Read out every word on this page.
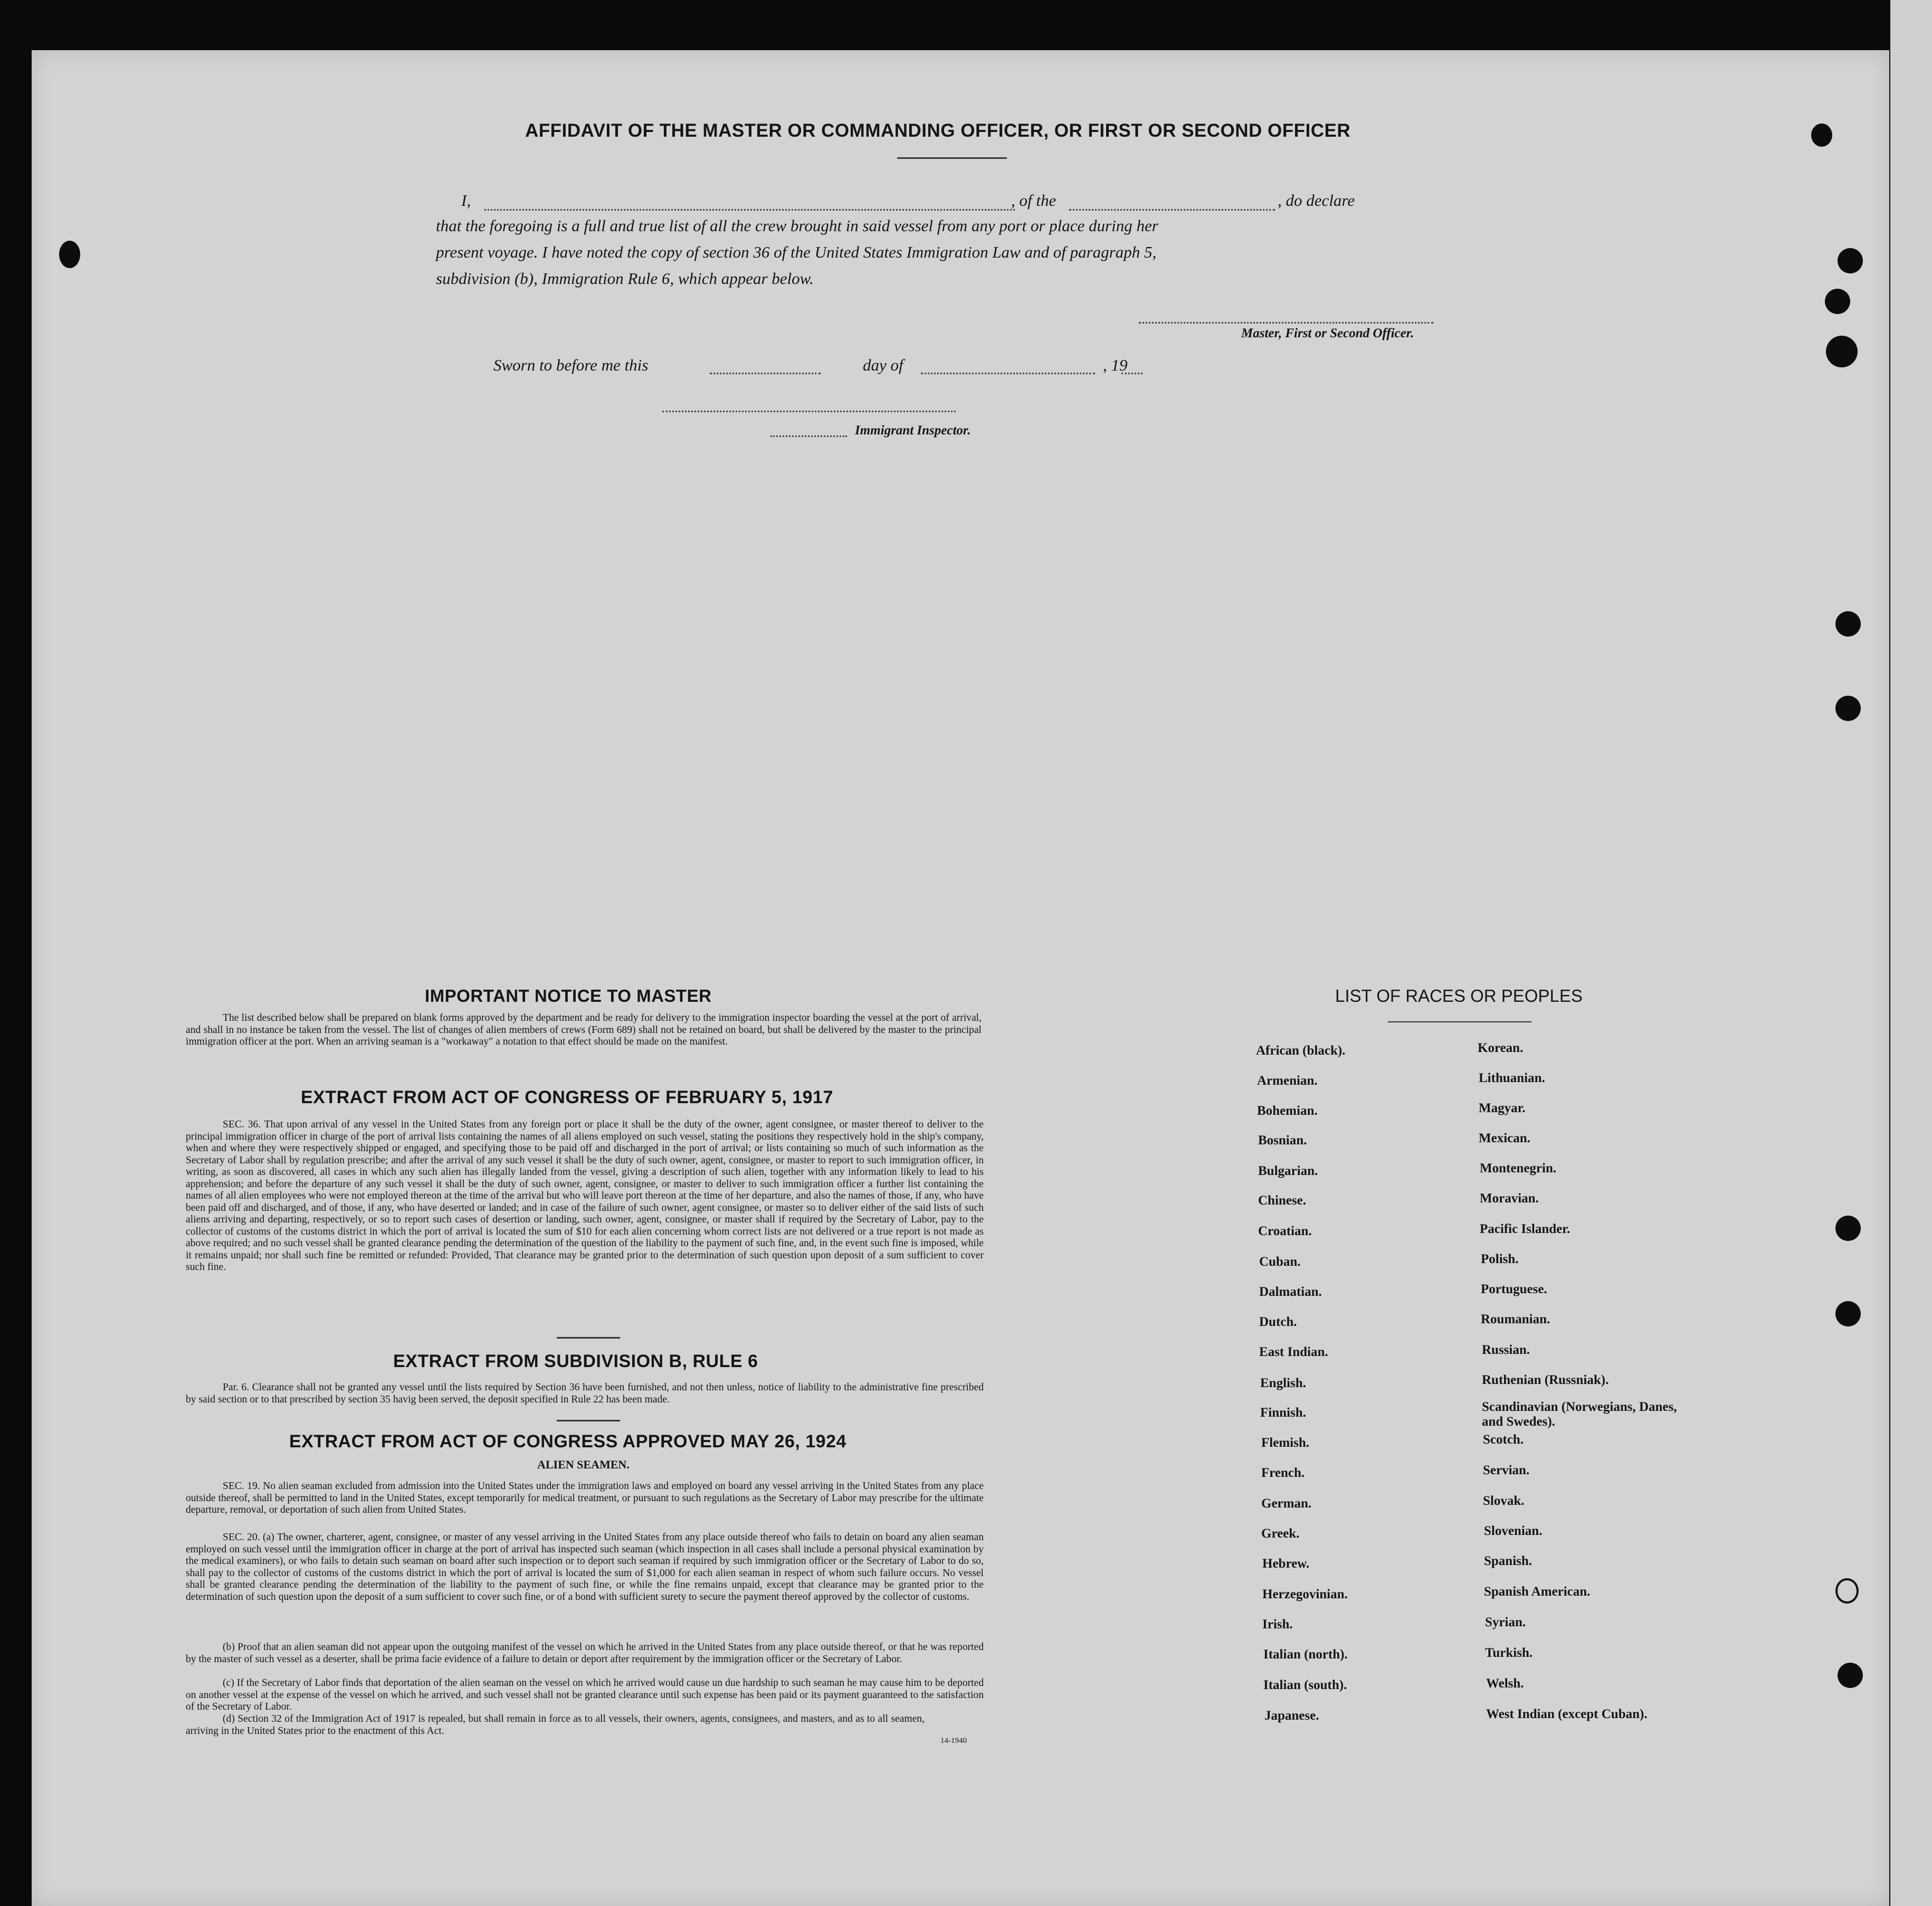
AFFIDAVIT OF THE MASTER OR COMMANDING OFFICER, OR FIRST OR SECOND OFFICER
I,	, of the	, do declare
that the foregoing is a full and true list of all the crew brought in said vessel from any port or place during her
present voyage. I have noted the copy of section 36 of the United States Immigration Law and of paragraph 5,
subdivision (b), Immigration Rule 6, which appear below.
Master, First or Second Officer.
Sworn to before me this	day of	, 19
Immigrant Inspector.
IMPORTANT NOTICE TO MASTER
The list described below shall be prepared on blank forms approved by the department and be ready for delivery to the immigration inspector boarding the vessel at the port of arrival, and shall in no instance be taken from the vessel. The list of changes of alien members of crews (Form 689) shall not be retained on board, but shall be delivered by the master to the principal immigration officer at the port. When an arriving seaman is a "workaway" a notation to that effect should be made on the manifest.
EXTRACT FROM ACT OF CONGRESS OF FEBRUARY 5, 1917
SEC. 36. That upon arrival of any vessel in the United States from any foreign port or place it shall be the duty of the owner, agent consignee, or master thereof to deliver to the principal immigration officer in charge of the port of arrival lists containing the names of all aliens employed on such vessel, stating the positions they respectively hold in the ship's company, when and where they were respectively shipped or engaged, and specifying those to be paid off and discharged in the port of arrival; or lists containing so much of such information as the Secretary of Labor shall by regulation prescribe; and after the arrival of any such vessel it shall be the duty of such owner, agent, consignee, or master to report to such immigration officer, in writing, as soon as discovered, all cases in which any such alien has illegally landed from the vessel, giving a description of such alien, together with any information likely to lead to his apprehension; and before the departure of any such vessel it shall be the duty of such owner, agent, consignee, or master to deliver to such immigration officer a further list containing the names of all alien employees who were not employed thereon at the time of the arrival but who will leave port thereon at the time of her departure, and also the names of those, if any, who have been paid off and discharged, and of those, if any, who have deserted or landed; and in case of the failure of such owner, agent consignee, or master so to deliver either of the said lists of such aliens arriving and departing, respectively, or so to report such cases of desertion or landing, such owner, agent, consignee, or master shall if required by the Secretary of Labor, pay to the collector of customs of the customs district in which the port of arrival is located the sum of $10 for each alien concerning whom correct lists are not delivered or a true report is not made as above required; and no such vessel shall be granted clearance pending the determination of the question of the liability to the payment of such fine, and, in the event such fine is imposed, while it remains unpaid; nor shall such fine be remitted or refunded: Provided, That clearance may be granted prior to the determination of such question upon deposit of a sum sufficient to cover such fine.
EXTRACT FROM SUBDIVISION B, RULE 6
Par. 6. Clearance shall not be granted any vessel until the lists required by Section 36 have been furnished, and not then unless, notice of liability to the administrative fine prescribed by said section or to that prescribed by section 35 havig been served, the deposit specified in Rule 22 has been made.
EXTRACT FROM ACT OF CONGRESS APPROVED MAY 26, 1924
ALIEN SEAMEN.
SEC. 19. No alien seaman excluded from admission into the United States under the immigration laws and employed on board any vessel arriving in the United States from any place outside thereof, shall be permitted to land in the United States, except temporarily for medical treatment, or pursuant to such regulations as the Secretary of Labor may prescribe for the ultimate departure, removal, or deportation of such alien from United States.
SEC. 20. (a) The owner, charterer, agent, consignee, or master of any vessel arriving in the United States from any place outside thereof who fails to detain on board any alien seaman employed on such vessel until the immigration officer in charge at the port of arrival has inspected such seaman (which inspection in all cases shall include a personal physical examination by the medical examiners), or who fails to detain such seaman on board after such inspection or to deport such seaman if required by such immigration officer or the Secretary of Labor to do so, shall pay to the collector of customs of the customs district in which the port of arrival is located the sum of $1,000 for each alien seaman in respect of whom such failure occurs. No vessel shall be granted clearance pending the determination of the liability to the payment of such fine, or while the fine remains unpaid, except that clearance may be granted prior to the determination of such question upon the deposit of a sum sufficient to cover such fine, or of a bond with sufficient surety to secure the payment thereof approved by the collector of customs.
(b) Proof that an alien seaman did not appear upon the outgoing manifest of the vessel on which he arrived in the United States from any place outside thereof, or that he was reported by the master of such vessel as a deserter, shall be prima facie evidence of a failure to detain or deport after requirement by the immigration officer or the Secretary of Labor.
(c) If the Secretary of Labor finds that deportation of the alien seaman on the vessel on which he arrived would cause un due hardship to such seaman he may cause him to be deported on another vessel at the expense of the vessel on which he arrived, and such vessel shall not be granted clearance until such expense has been paid or its payment guaranteed to the satisfaction of the Secretary of Labor.
(d) Section 32 of the Immigration Act of 1917 is repealed, but shall remain in force as to all vessels, their owners, agents, consignees, and masters, and as to all seamen, arriving in the United States prior to the enactment of this Act.
14-1940
LIST OF RACES OR PEOPLES
African (black).
Armenian.
Bohemian.
Bosnian.
Bulgarian.
Chinese.
Croatian.
Cuban.
Dalmatian.
Dutch.
East Indian.
English.
Finnish.
Flemish.
French.
German.
Greek.
Hebrew.
Herzegovinian.
Irish.
Italian (north).
Italian (south).
Japanese.
Korean.
Lithuanian.
Magyar.
Mexican.
Montenegrin.
Moravian.
Pacific Islander.
Polish.
Portuguese.
Roumanian.
Russian.
Ruthenian (Russniak).
Scandinavian (Norwegians, Danes, and Swedes).
Scotch.
Servian.
Slovak.
Slovenian.
Spanish.
Spanish American.
Syrian.
Turkish.
Welsh.
West Indian (except Cuban).
